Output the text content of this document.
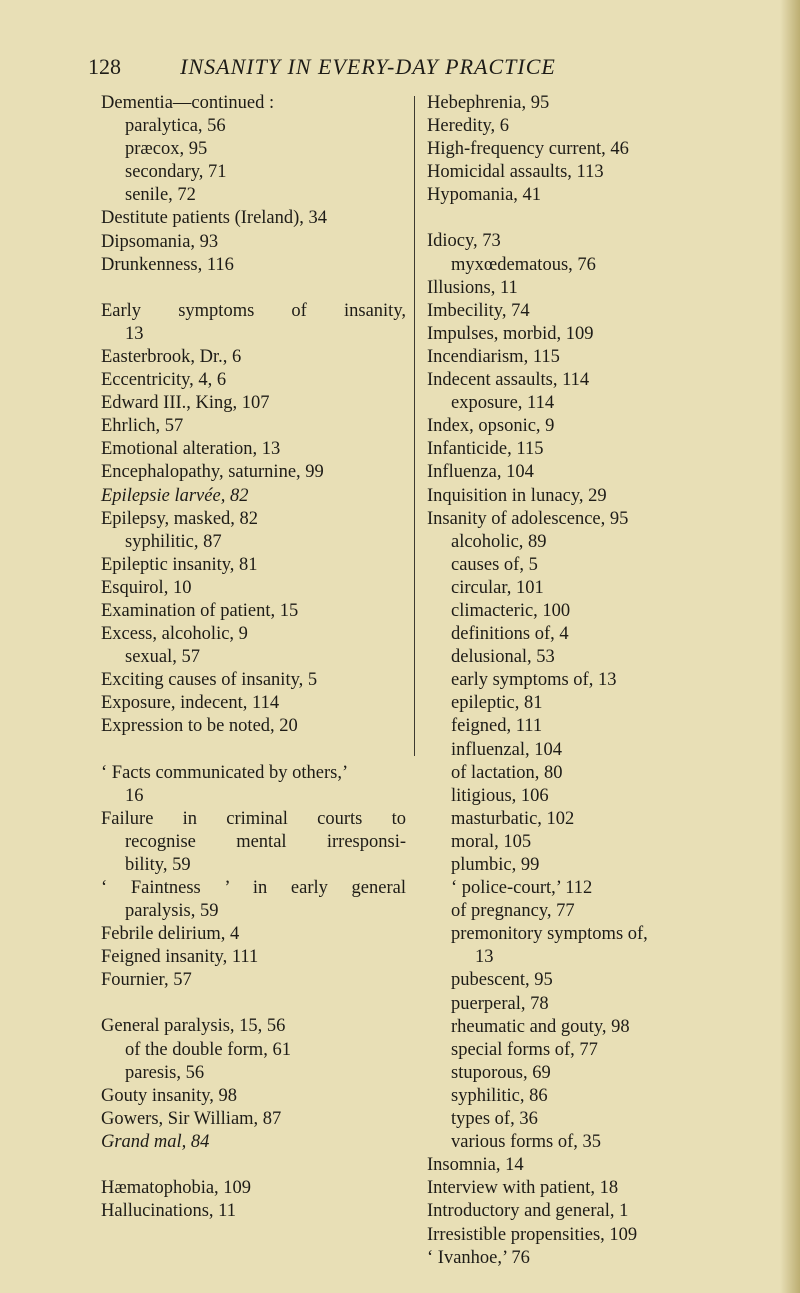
128	INSANITY IN EVERY-DAY PRACTICE
Dementia—continued :
paralytica, 56
præcox, 95
secondary, 71
senile, 72
Destitute patients (Ireland), 34
Dipsomania, 93
Drunkenness, 116
Early symptoms of insanity,
13
Easterbrook, Dr., 6
Eccentricity, 4, 6
Edward III., King, 107
Ehrlich, 57
Emotional alteration, 13
Encephalopathy, saturnine, 99
Epilepsie larvée, 82
Epilepsy, masked, 82
syphilitic, 87
Epileptic insanity, 81
Esquirol, 10
Examination of patient, 15
Excess, alcoholic, 9
sexual, 57
Exciting causes of insanity, 5
Exposure, indecent, 114
Expression to be noted, 20
‘ Facts communicated by others,’
16
Failure in criminal courts to
recognise mental irresponsi-
bility, 59
‘ Faintness ’ in early general
paralysis, 59
Febrile delirium, 4
Feigned insanity, 111
Fournier, 57
General paralysis, 15, 56
of the double form, 61
paresis, 56
Gouty insanity, 98
Gowers, Sir William, 87
Grand mal, 84
Hæmatophobia, 109
Hallucinations, 11
Hebephrenia, 95
Heredity, 6
High-frequency current, 46
Homicidal assaults, 113
Hypomania, 41
Idiocy, 73
myxœdematous, 76
Illusions, 11
Imbecility, 74
Impulses, morbid, 109
Incendiarism, 115
Indecent assaults, 114
exposure, 114
Index, opsonic, 9
Infanticide, 115
Influenza, 104
Inquisition in lunacy, 29
Insanity of adolescence, 95
alcoholic, 89
causes of, 5
circular, 101
climacteric, 100
definitions of, 4
delusional, 53
early symptoms of, 13
epileptic, 81
feigned, 111
influenzal, 104
of lactation, 80
litigious, 106
masturbatic, 102
moral, 105
plumbic, 99
‘ police-court,’ 112
of pregnancy, 77
premonitory symptoms of,
13
pubescent, 95
puerperal, 78
rheumatic and gouty, 98
special forms of, 77
stuporous, 69
syphilitic, 86
types of, 36
various forms of, 35
Insomnia, 14
Interview with patient, 18
Introductory and general, 1
Irresistible propensities, 109
‘ Ivanhoe,’ 76
